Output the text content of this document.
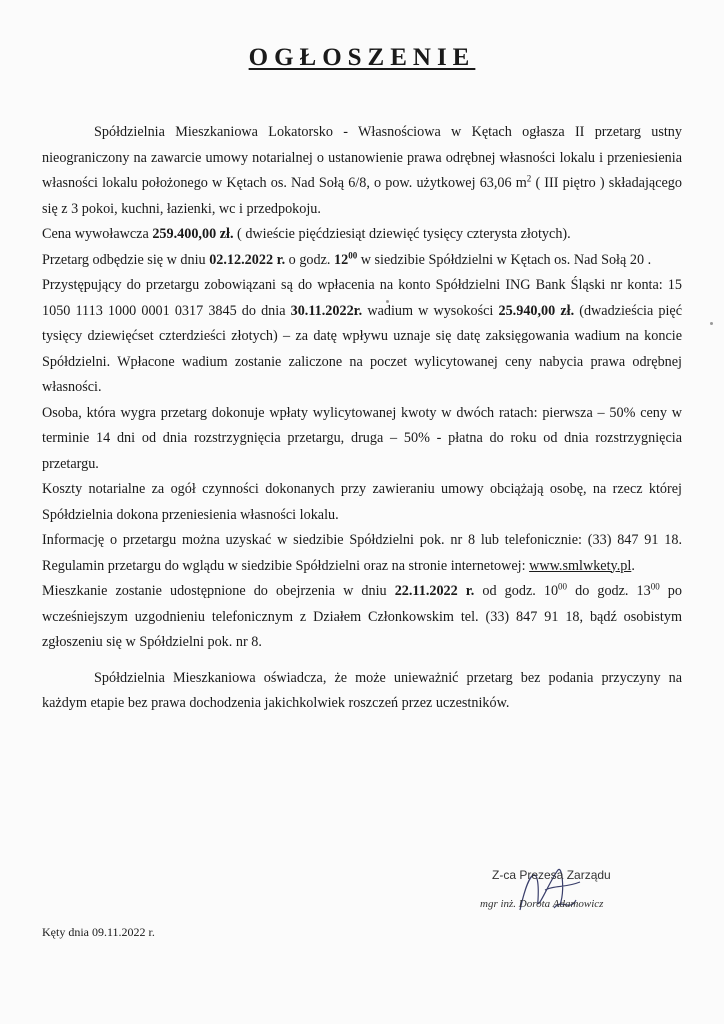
OGŁOSZENIE

Spółdzielnia Mieszkaniowa Lokatorsko - Własnościowa w Kętach ogłasza II przetarg ustny nieograniczony na zawarcie umowy notarialnej o ustanowienie prawa odrębnej własności lokalu i przeniesienia własności lokalu położonego w Kętach os. Nad Sołą 6/8, o pow. użytkowej 63,06 $m^2$ ( III piętro ) składającego się z 3 pokoi, kuchni, łazienki, wc i przedpokoju.

Cena wywoławcza 259.400,00 zł. ( dwieście pięćdziesiąt dziewięć tysięcy czterysta złotych).

Przetarg odbędzie się w dniu 02.12.2022 r. o godz. $12^{00}$ w siedzibie Spółdzielni w Kętach os. Nad Sołą 20 .

Przystępujący do przetargu zobowiązani są do wpłacenia na konto Spółdzielni ING Bank Śląski nr konta: 15 1050 1113 1000 0001 0317 3845 do dnia 30.11.2022r. wadium w wysokości 25.940,00 zł. (dwadzieścia pięć tysięcy dziewięćset czterdzieści złotych) – za datę wpływu uznaje się datę zaksięgowania wadium na koncie Spółdzielni. Wpłacone wadium zostanie zaliczone na poczet wylicytowanej ceny nabycia prawa odrębnej własności.

Osoba, która wygra przetarg dokonuje wpłaty wylicytowanej kwoty w dwóch ratach: pierwsza – 50% ceny w terminie 14 dni od dnia rozstrzygnięcia przetargu, druga – 50% - płatna do roku od dnia rozstrzygnięcia przetargu.

Koszty notarialne za ogół czynności dokonanych przy zawieraniu umowy obciążają osobę, na rzecz której Spółdzielnia dokona przeniesienia własności lokalu.

Informację o przetargu można uzyskać w siedzibie Spółdzielni pok. nr 8 lub telefonicznie: (33) 847 91 18. Regulamin przetargu do wglądu w siedzibie Spółdzielni oraz na stronie internetowej: www.smlwkety.pl.

Mieszkanie zostanie udostępnione do obejrzenia w dniu 22.11.2022 r. od godz. $10^{00}$ do godz. $13^{00}$ po wcześniejszym uzgodnieniu telefonicznym z Działem Członkowskim tel. (33) 847 91 18, bądź osobistym zgłoszeniu się w Spółdzielni pok. nr 8.

Spółdzielnia Mieszkaniowa oświadcza, że może unieważnić przetarg bez podania przyczyny na każdym etapie bez prawa dochodzenia jakichkolwiek roszczeń przez uczestników.

Z-ca Prezesa Zarządu
mgr inż. Dorota Adamowicz
Kęty dnia 09.11.2022 r.
